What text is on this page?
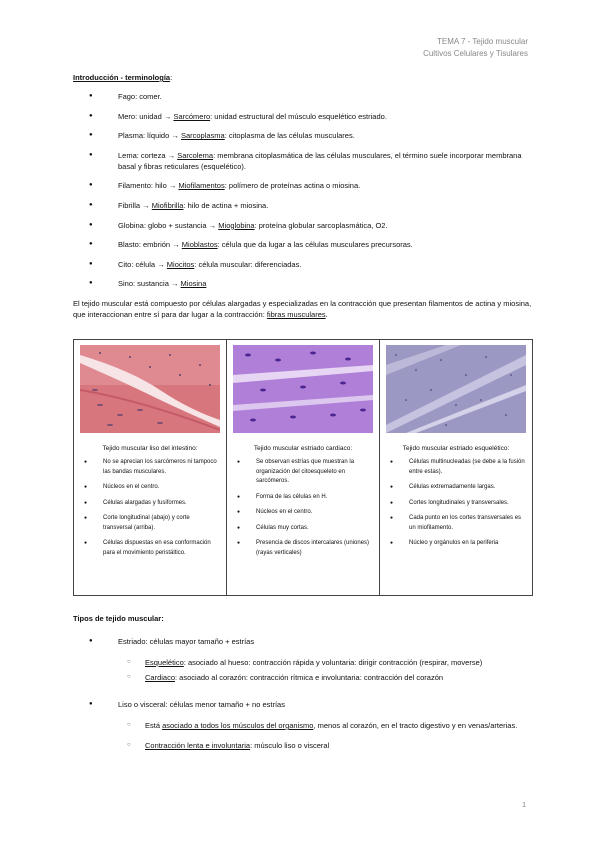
TEMA 7 - Tejido muscular
Cultivos Celulares y Tisulares
Introducción - terminología:
● Fago: comer.
● Mero: unidad → Sarcómero: unidad estructural del músculo esquelético estriado.
● Plasma: líquido → Sarcoplasma: citoplasma de las células musculares.
● Lema: corteza → Sarcolema: membrana citoplasmática de las células musculares, el término suele incorporar membrana basal y fibras reticulares (esquelético).
● Filamento: hilo → Miofilamentos: polímero de proteínas actina o miosina.
● Fibrilla → Miofibrilla: hilo de actina + miosina.
● Globina: globo + sustancia → Mioglobina: proteína globular sarcoplasmática, O2.
● Blasto: embrión → Mioblastos: célula que da lugar a las células musculares precursoras.
● Cito: célula → Miocitos: célula muscular: diferenciadas.
● Sino: sustancia → Miosina
El tejido muscular está compuesto por células alargadas y especializadas en la contracción que presentan filamentos de actina y miosina, que interaccionan entre sí para dar lugar a la contracción: fibras musculares.
Tejido muscular liso del intestino:
● No se aprecian los sarcómeros ni tampoco las bandas musculares.
● Núcleos en el centro.
● Células alargadas y fusiformes.
● Corte longitudinal (abajo) y corte transversal (arriba).
● Células dispuestas en esa conformación para el movimiento peristáltico.
Tejido muscular estriado cardiaco:
● Se observan estrías que muestran la organización del citoesqueleto en sarcómeros.
● Forma de las células en H.
● Núcleos en el centro.
● Células muy cortas.
● Presencia de discos intercalares (uniones) (rayas verticales)
Tejido muscular estriado esquelético:
● Células multinucleadas (se debe a la fusión entre estas).
● Células extremadamente largas.
● Cortes longitudinales y transversales.
● Cada punto en los cortes transversales es un miofilamento.
● Núcleo y orgánulos en la periferia
Tipos de tejido muscular:
● Estriado: células mayor tamaño + estrías
○ Esquelético: asociado al hueso: contracción rápida y voluntaria: dirigir contracción (respirar, moverse)
○ Cardiaco: asociado al corazón: contracción rítmica e involuntaria: contracción del corazón
● Liso o visceral: células menor tamaño + no estrías
○ Está asociado a todos los músculos del organismo, menos al corazón, en el tracto digestivo y en venas/arterias.
○ Contracción lenta e involuntaria: músculo liso o visceral
1
